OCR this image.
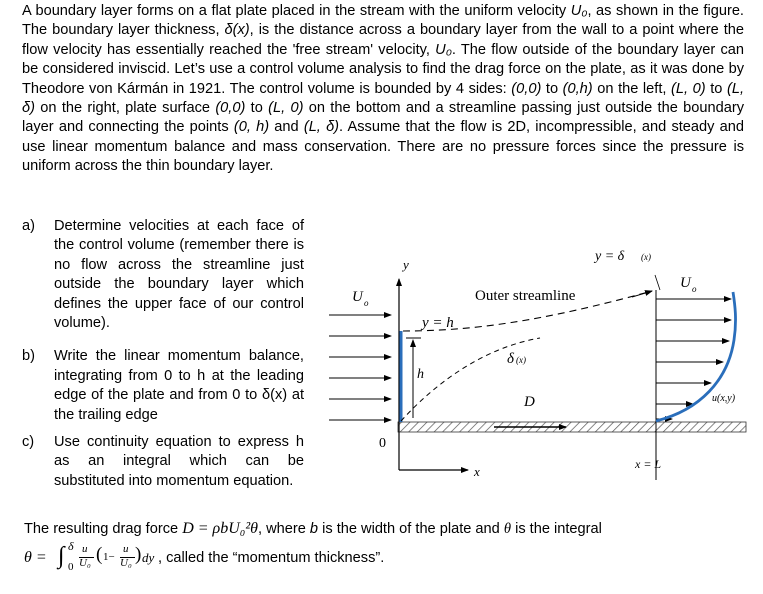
A boundary layer forms on a flat plate placed in the stream with the uniform velocity U₀, as shown in the figure. The boundary layer thickness, δ(x), is the distance across a boundary layer from the wall to a point where the flow velocity has essentially reached the 'free stream' velocity, U₀. The flow outside of the boundary layer can be considered inviscid. Let’s use a control volume analysis to find the drag force on the plate, as it was done by Theodore von Kármán in 1921. The control volume is bounded by 4 sides: (0,0) to (0,h) on the left, (L, 0) to (L, δ) on the right, plate surface (0,0) to (L, 0) on the bottom and a streamline passing just outside the boundary layer and connecting the points (0, h) and (L, δ). Assume that the flow is 2D, incompressible, and steady and use linear momentum balance and mass conservation. There are no pressure forces since the pressure is uniform across the thin boundary layer.
a) Determine velocities at each face of the control volume (remember there is no flow across the streamline just outside the boundary layer which defines the upper face of our control volume).
b) Write the linear momentum balance, integrating from 0 to h at the leading edge of the plate and from 0 to δ(x) at the trailing edge
c) Use continuity equation to express h as an integral which can be substituted into momentum equation.
y
U o
U o
y = h
h
y = δ (x)
Outer streamline
δ (x)
D
0
x	x = L
u(x,y)
The resulting drag force D = ρbU₀²θ, where b is the width of the plate and θ is the integral
θ = ∫ δ
0
u
U₀ ( 1−
u
U₀ ) dy , called the “momentum thickness”.
